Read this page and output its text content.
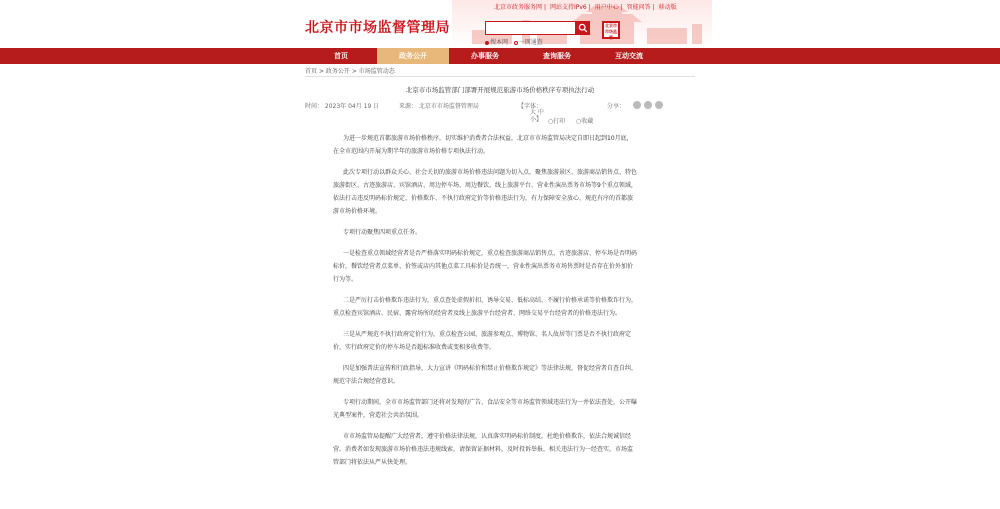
北京市市场监督管理局
北京市政务服务网 | 网站支持IPv6 | 用户中心 | 智能问答 | 移动版
搜本网 一网通查
北京市市场监管
首页	政务公开	办事服务	查询服务	互动交流
首页 > 政务公开 > 市场监管动态
北京市市场监管部门部署开展规范旅游市场价格秩序专项执法行动
时间： 2023年 04月 19 日	来源： 北京市市场监督管理局	【字体：
大 中 小】 ○打印 ○收藏
分享：

为进一步规范首都旅游市场价格秩序，切实维护消费者合法权益，北京市市场监管局决定自即日起到10月底，在全市范围内开展为期半年的旅游市场价格专项执法行动。

此次专项行动以群众关心、社会关切的旅游市场价格违法问题为切入点，聚焦旅游景区、旅游商品销售点、特色旅游街区、古迹旅游店、宾馆酒店、周边停车场、周边餐饮、线上旅游平台、营业性演出票务市场等9个重点领域，依法打击违反明码标价规定、价格欺诈、不执行政府定价等价格违法行为，有力保障安全放心、规范有序的首都旅游市场价格环境。

专项行动聚焦四项重点任务。

一是检查重点领域经营者是否严格落实明码标价规定，重点检查旅游商品销售点、古迹旅游店、停车场是否明码标价，餐饮经营者点菜单、价签或店内其他点菜工具标价是否统一，营业性演出票务市场售票时是否存在价外加价行为等。

二是严厉打击价格欺诈违法行为，重点查处虚假折扣、诱导交易、低标高结、不履行价格承诺等价格欺诈行为，重点检查宾馆酒店、民宿、露营场所的经营者及线上旅游平台经营者、网络交易平台经营者的价格违法行为。

三是从严规范不执行政府定价行为，重点检查公园、旅游参观点、博物馆、名人故居等门票是否不执行政府定价，实行政府定价的停车场是否超标准收费或变相多收费等。

四是加强普法宣传和行政指导，大力宣讲《明码标价和禁止价格欺诈规定》等法律法规，督促经营者自查自纠，规范守法合规经营意识。

专项行动期间，全市市场监管部门还将对发现的广告、食品安全等市场监管领域违法行为一并依法查处，公开曝光典型案件，营造社会共治氛围。

市市场监管局提醒广大经营者，遵守价格法律法规，认真落实明码标价制度，杜绝价格欺诈，依法合规诚信经营。消费者如发现旅游市场价格违法违规线索，请保留证据材料，及时投诉举报，相关违法行为一经查实，市场监管部门将依法从严从快处理。
